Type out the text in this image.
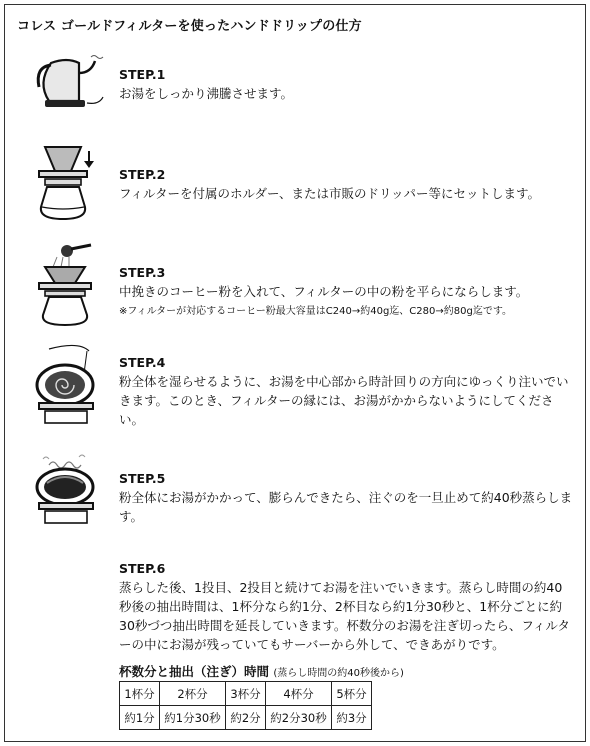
コレス ゴールドフィルターを使ったハンドドリップの仕方
STEP.1
お湯をしっかり沸騰させます。
STEP.2
フィルターを付属のホルダー、または市販のドリッパー等にセットします。
STEP.3
中挽きのコーヒー粉を入れて、フィルターの中の粉を平らにならします。
※フィルターが対応するコーヒー粉最大容量はC240→約40g迄、C280→約80g迄です。
STEP.4
粉全体を湿らせるように、お湯を中心部から時計回りの方向にゆっくり注いでいきます。このとき、フィルターの縁には、お湯がかからないようにしてください。
STEP.5
粉全体にお湯がかかって、膨らんできたら、注ぐのを一旦止めて約40秒蒸らします。
STEP.6
蒸らした後、1投目、2投目と続けてお湯を注いでいきます。蒸らし時間の約40秒後の抽出時間は、1杯分なら約1分、2杯目なら約1分30秒と、1杯分ごとに約30秒づつ抽出時間を延長していきます。杯数分のお湯を注ぎ切ったら、フィルターの中にお湯が残っていてもサーバーから外して、できあがりです。
杯数分と抽出（注ぎ）時間 (蒸らし時間の約40秒後から)
1杯分	2杯分	3杯分	4杯分	5杯分
約1分	約1分30秒	約2分	約2分30秒	約3分
